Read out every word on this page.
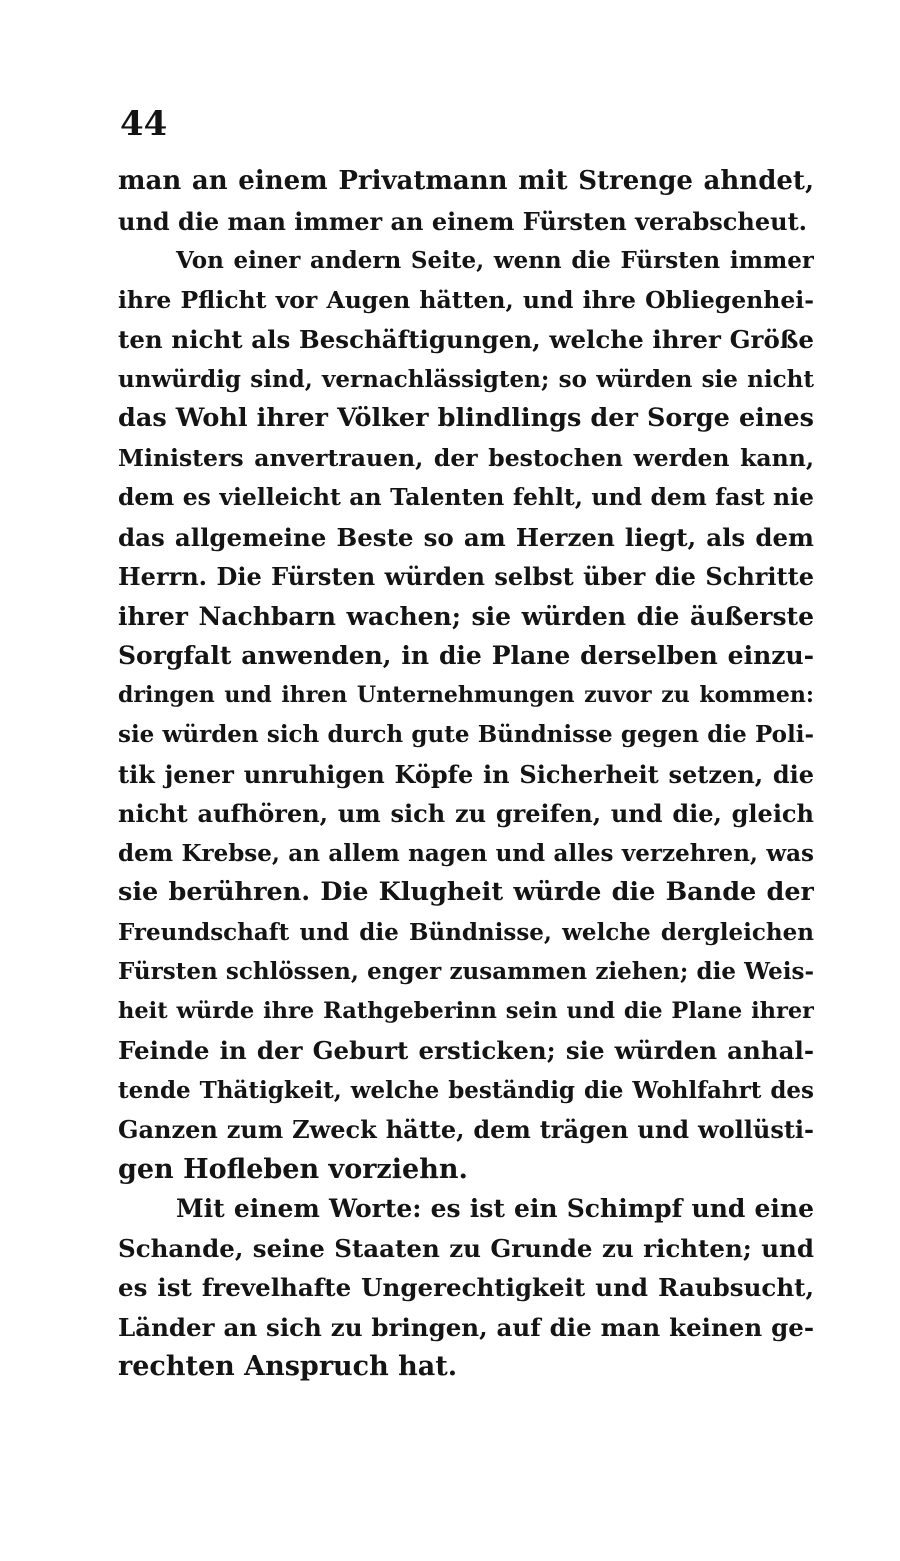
44

man an einem Privatmann mit Strenge ahndet,
und die man immer an einem Fürsten verabscheut.
Von einer andern Seite, wenn die Fürsten immer
ihre Pflicht vor Augen hätten, und ihre Obliegenhei-
ten nicht als Beschäftigungen, welche ihrer Größe
unwürdig sind, vernachlässigten; so würden sie nicht
das Wohl ihrer Völker blindlings der Sorge eines
Ministers anvertrauen, der bestochen werden kann,
dem es vielleicht an Talenten fehlt, und dem fast nie
das allgemeine Beste so am Herzen liegt, als dem
Herrn. Die Fürsten würden selbst über die Schritte
ihrer Nachbarn wachen; sie würden die äußerste
Sorgfalt anwenden, in die Plane derselben einzu-
dringen und ihren Unternehmungen zuvor zu kommen:
sie würden sich durch gute Bündnisse gegen die Poli-
tik jener unruhigen Köpfe in Sicherheit setzen, die
nicht aufhören, um sich zu greifen, und die, gleich
dem Krebse, an allem nagen und alles verzehren, was
sie berühren. Die Klugheit würde die Bande der
Freundschaft und die Bündnisse, welche dergleichen
Fürsten schlössen, enger zusammen ziehen; die Weis-
heit würde ihre Rathgeberinn sein und die Plane ihrer
Feinde in der Geburt ersticken; sie würden anhal-
tende Thätigkeit, welche beständig die Wohlfahrt des
Ganzen zum Zweck hätte, dem trägen und wollüsti-
gen Hofleben vorziehn.
Mit einem Worte: es ist ein Schimpf und eine
Schande, seine Staaten zu Grunde zu richten; und
es ist frevelhafte Ungerechtigkeit und Raubsucht,
Länder an sich zu bringen, auf die man keinen ge-
rechten Anspruch hat.
